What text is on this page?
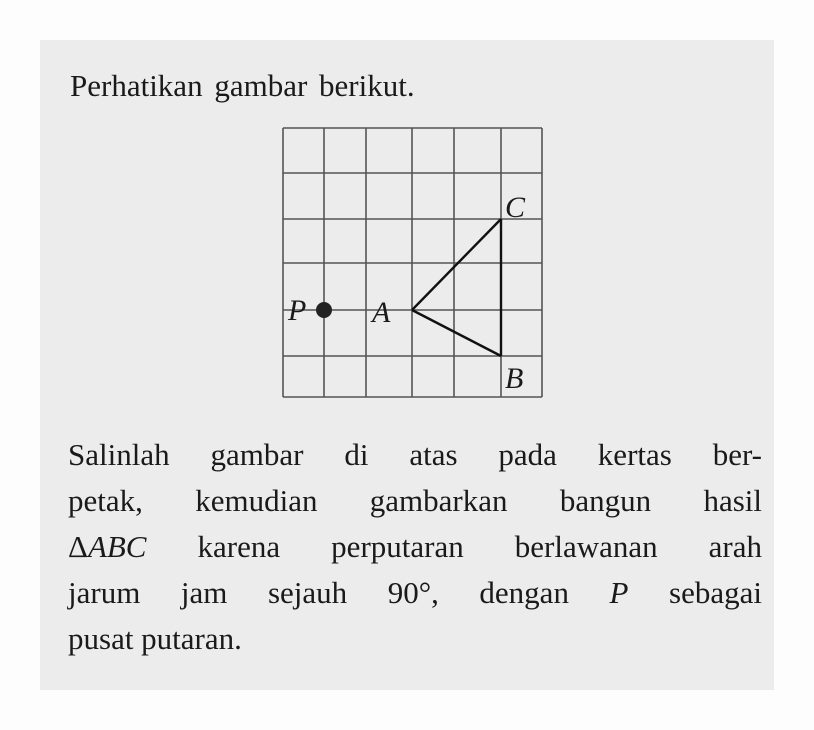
Perhatikan gambar berikut.
P A
B
C
Salinlah gambar di atas pada kertas ber-
petak, kemudian gambarkan bangun hasil
ΔABC karena perputaran berlawanan arah
jarum jam sejauh 90°, dengan P sebagai
pusat putaran.
